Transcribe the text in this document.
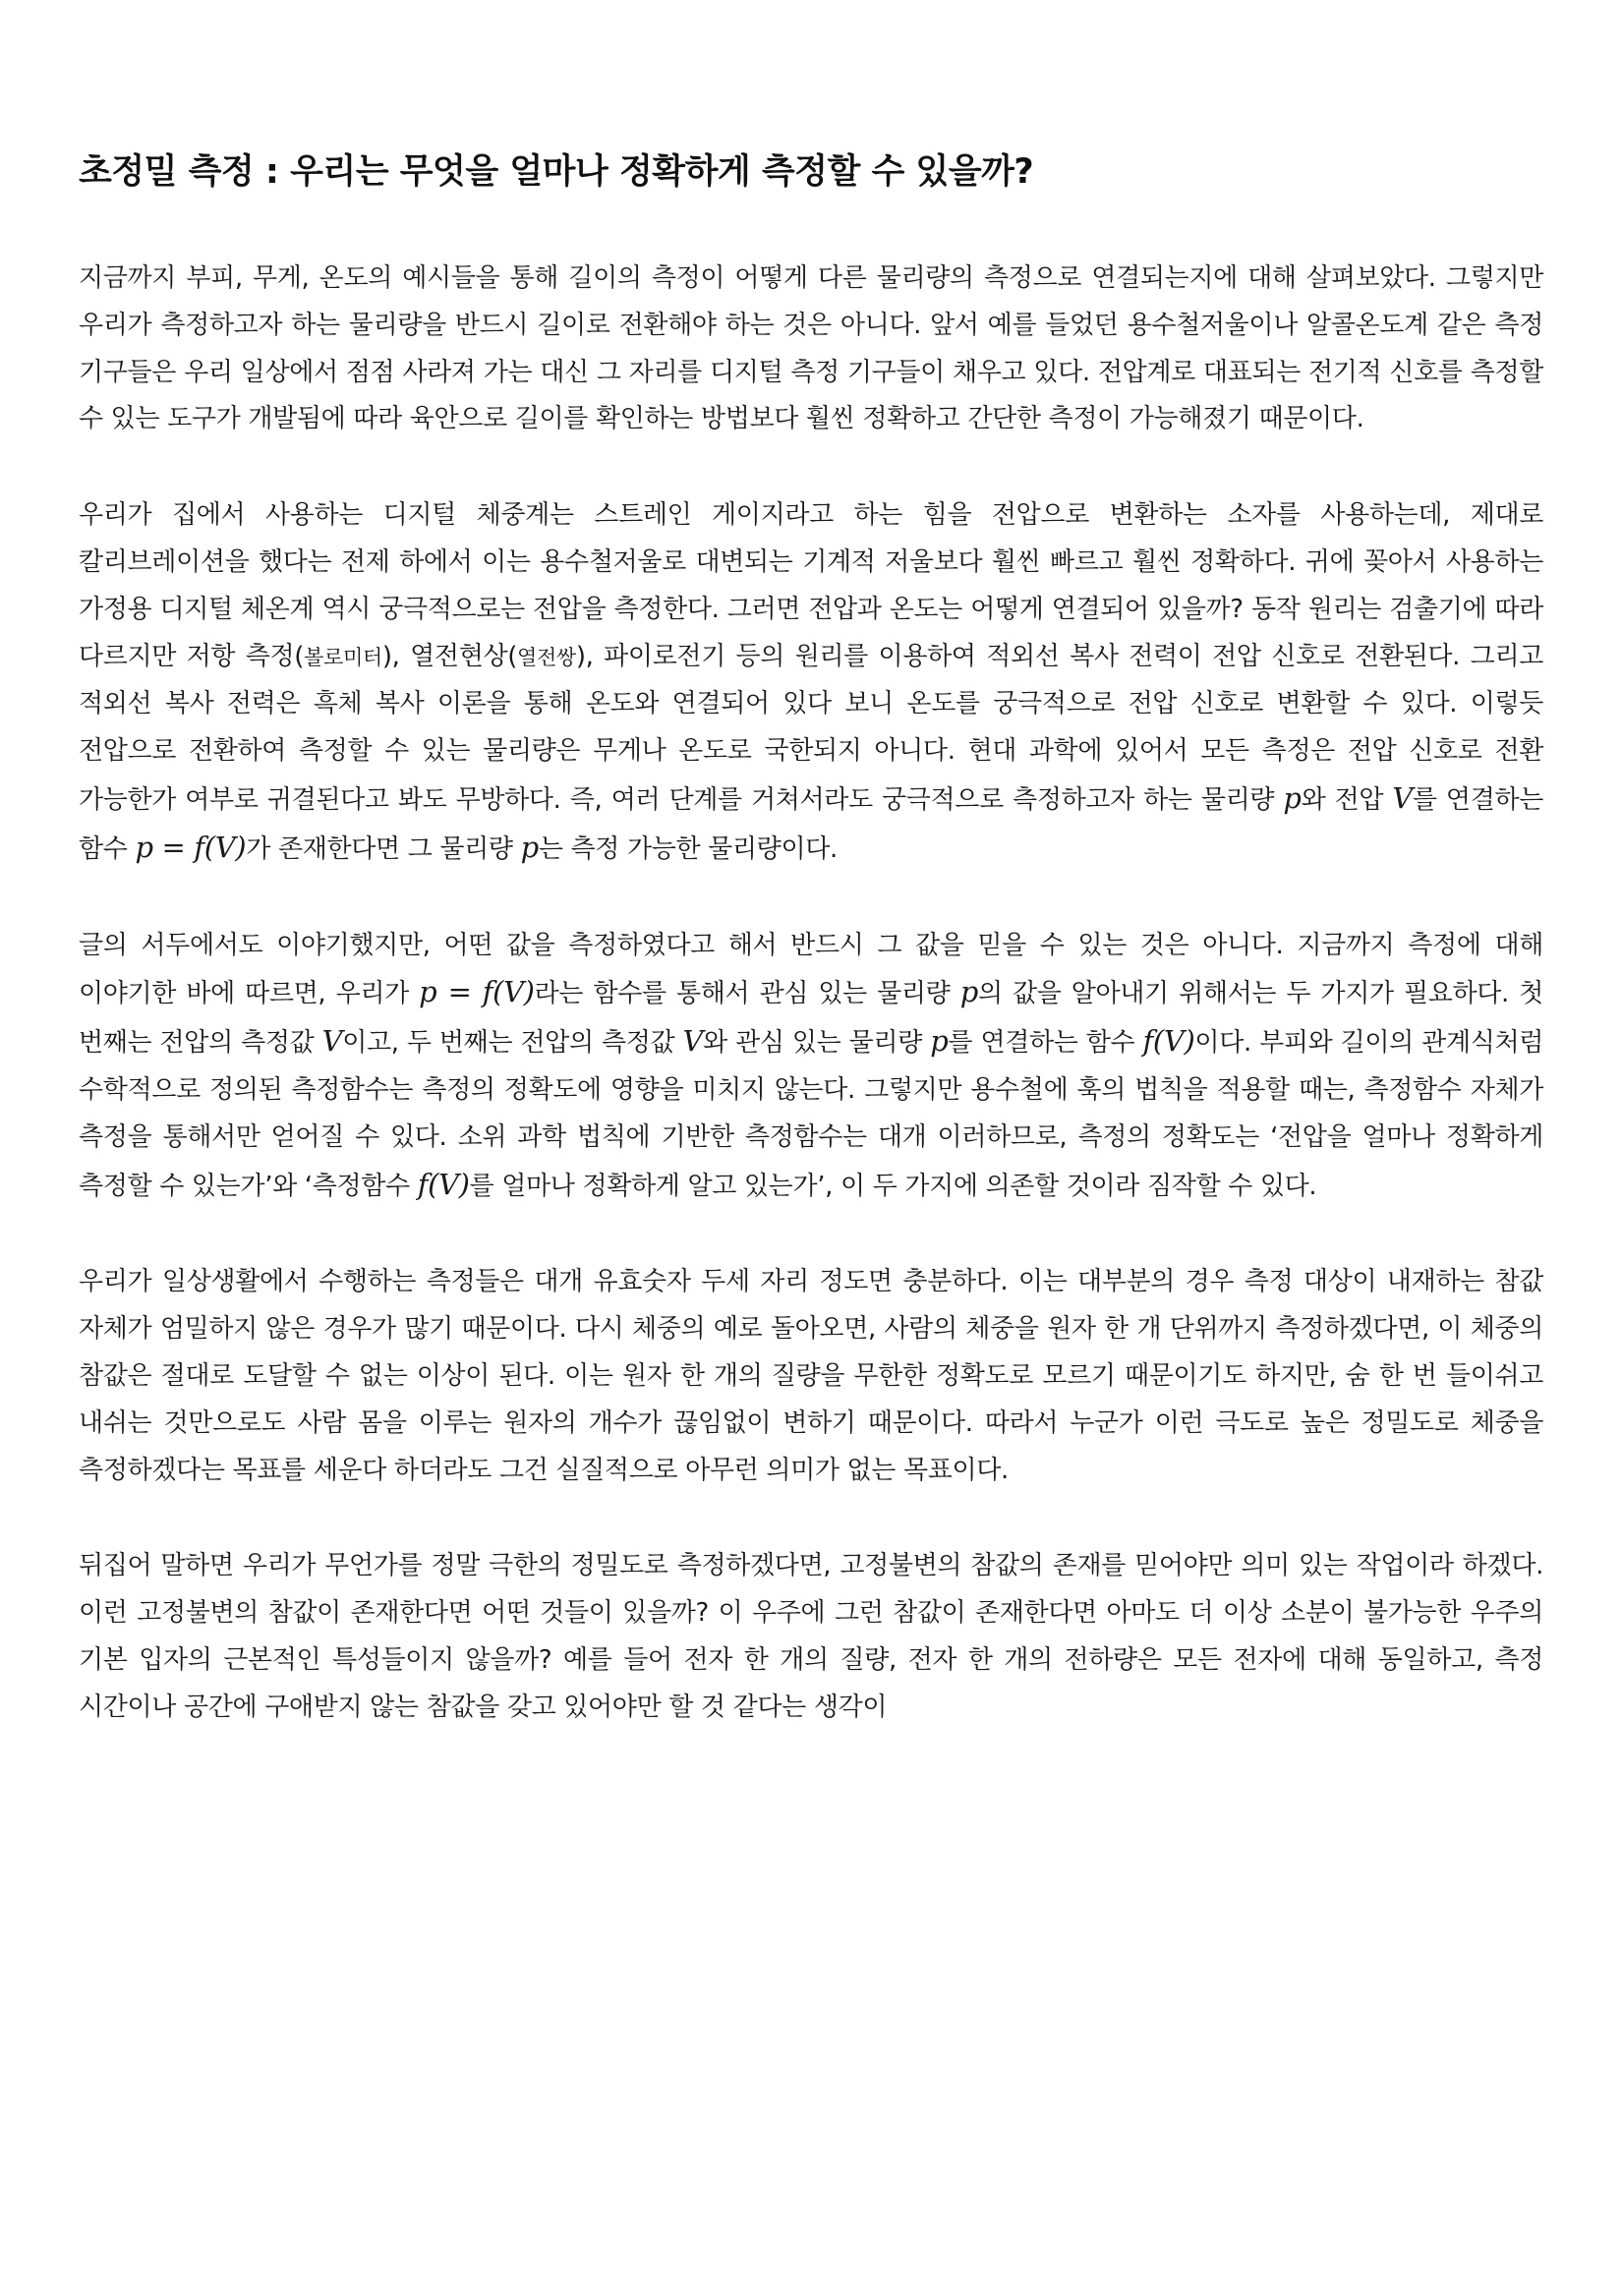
초정밀 측정 : 우리는 무엇을 얼마나 정확하게 측정할 수 있을까?

지금까지 부피, 무게, 온도의 예시들을 통해 길이의 측정이 어떻게 다른 물리량의 측정으로 연결되는지에 대해 살펴보았다. 그렇지만 우리가 측정하고자 하는 물리량을 반드시 길이로 전환해야 하는 것은 아니다. 앞서 예를 들었던 용수철저울이나 알콜온도계 같은 측정 기구들은 우리 일상에서 점점 사라져 가는 대신 그 자리를 디지털 측정 기구들이 채우고 있다. 전압계로 대표되는 전기적 신호를 측정할 수 있는 도구가 개발됨에 따라 육안으로 길이를 확인하는 방법보다 훨씬 정확하고 간단한 측정이 가능해졌기 때문이다.

우리가 집에서 사용하는 디지털 체중계는 스트레인 게이지라고 하는 힘을 전압으로 변환하는 소자를 사용하는데, 제대로 칼리브레이션을 했다는 전제 하에서 이는 용수철저울로 대변되는 기계적 저울보다 훨씬 빠르고 훨씬 정확하다. 귀에 꽂아서 사용하는 가정용 디지털 체온계 역시 궁극적으로는 전압을 측정한다. 그러면 전압과 온도는 어떻게 연결되어 있을까? 동작 원리는 검출기에 따라 다르지만 저항 측정(볼로미터), 열전현상(열전쌍), 파이로전기 등의 원리를 이용하여 적외선 복사 전력이 전압 신호로 전환된다. 그리고 적외선 복사 전력은 흑체 복사 이론을 통해 온도와 연결되어 있다 보니 온도를 궁극적으로 전압 신호로 변환할 수 있다. 이렇듯 전압으로 전환하여 측정할 수 있는 물리량은 무게나 온도로 국한되지 아니다. 현대 과학에 있어서 모든 측정은 전압 신호로 전환 가능한가 여부로 귀결된다고 봐도 무방하다. 즉, 여러 단계를 거쳐서라도 궁극적으로 측정하고자 하는 물리량 p와 전압 V를 연결하는 함수 p = f(V)가 존재한다면 그 물리량 p는 측정 가능한 물리량이다.

글의 서두에서도 이야기했지만, 어떤 값을 측정하였다고 해서 반드시 그 값을 믿을 수 있는 것은 아니다. 지금까지 측정에 대해 이야기한 바에 따르면, 우리가 p = f(V)라는 함수를 통해서 관심 있는 물리량 p의 값을 알아내기 위해서는 두 가지가 필요하다. 첫 번째는 전압의 측정값 V이고, 두 번째는 전압의 측정값 V와 관심 있는 물리량 p를 연결하는 함수 f(V)이다. 부피와 길이의 관계식처럼 수학적으로 정의된 측정함수는 측정의 정확도에 영향을 미치지 않는다. 그렇지만 용수철에 훅의 법칙을 적용할 때는, 측정함수 자체가 측정을 통해서만 얻어질 수 있다. 소위 과학 법칙에 기반한 측정함수는 대개 이러하므로, 측정의 정확도는 ‘전압을 얼마나 정확하게 측정할 수 있는가’와 ‘측정함수 f(V)를 얼마나 정확하게 알고 있는가’, 이 두 가지에 의존할 것이라 짐작할 수 있다.

우리가 일상생활에서 수행하는 측정들은 대개 유효숫자 두세 자리 정도면 충분하다. 이는 대부분의 경우 측정 대상이 내재하는 참값 자체가 엄밀하지 않은 경우가 많기 때문이다. 다시 체중의 예로 돌아오면, 사람의 체중을 원자 한 개 단위까지 측정하겠다면, 이 체중의 참값은 절대로 도달할 수 없는 이상이 된다. 이는 원자 한 개의 질량을 무한한 정확도로 모르기 때문이기도 하지만, 숨 한 번 들이쉬고 내쉬는 것만으로도 사람 몸을 이루는 원자의 개수가 끊임없이 변하기 때문이다. 따라서 누군가 이런 극도로 높은 정밀도로 체중을 측정하겠다는 목표를 세운다 하더라도 그건 실질적으로 아무런 의미가 없는 목표이다.

뒤집어 말하면 우리가 무언가를 정말 극한의 정밀도로 측정하겠다면, 고정불변의 참값의 존재를 믿어야만 의미 있는 작업이라 하겠다. 이런 고정불변의 참값이 존재한다면 어떤 것들이 있을까? 이 우주에 그런 참값이 존재한다면 아마도 더 이상 소분이 불가능한 우주의 기본 입자의 근본적인 특성들이지 않을까? 예를 들어 전자 한 개의 질량, 전자 한 개의 전하량은 모든 전자에 대해 동일하고, 측정 시간이나 공간에 구애받지 않는 참값을 갖고 있어야만 할 것 같다는 생각이
